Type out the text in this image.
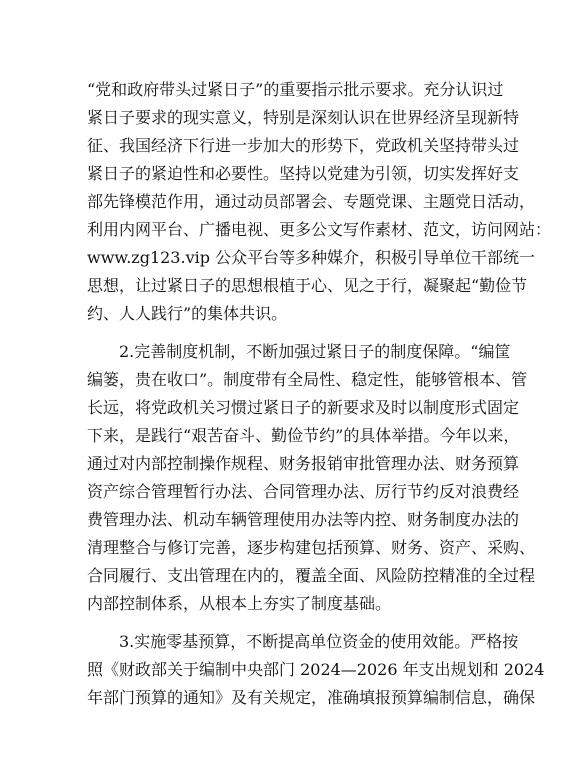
“党和政府带头过紧日子”的重要指示批示要求。充分认识过
紧日子要求的现实意义，特别是深刻认识在世界经济呈现新特
征、我国经济下行进一步加大的形势下，党政机关坚持带头过
紧日子的紧迫性和必要性。坚持以党建为引领，切实发挥好支
部先锋模范作用，通过动员部署会、专题党课、主题党日活动，
利用内网平台、广播电视、更多公文写作素材、范文，访问网站：
www.zg123.vip 公众平台等多种媒介，积极引导单位干部统一
思想，让过紧日子的思想根植于心、见之于行，凝聚起“勤俭节
约、人人践行”的集体共识。
2.完善制度机制，不断加强过紧日子的制度保障。“编筐
编篓，贵在收口”。制度带有全局性、稳定性，能够管根本、管
长远，将党政机关习惯过紧日子的新要求及时以制度形式固定
下来，是践行“艰苦奋斗、勤俭节约”的具体举措。今年以来，
通过对内部控制操作规程、财务报销审批管理办法、财务预算
资产综合管理暂行办法、合同管理办法、厉行节约反对浪费经
费管理办法、机动车辆管理使用办法等内控、财务制度办法的
清理整合与修订完善，逐步构建包括预算、财务、资产、采购、
合同履行、支出管理在内的，覆盖全面、风险防控精准的全过程
内部控制体系，从根本上夯实了制度基础。
3.实施零基预算，不断提高单位资金的使用效能。严格按
照《财政部关于编制中央部门 2024—2026 年支出规划和 2024
年部门预算的通知》及有关规定，准确填报预算编制信息，确保
